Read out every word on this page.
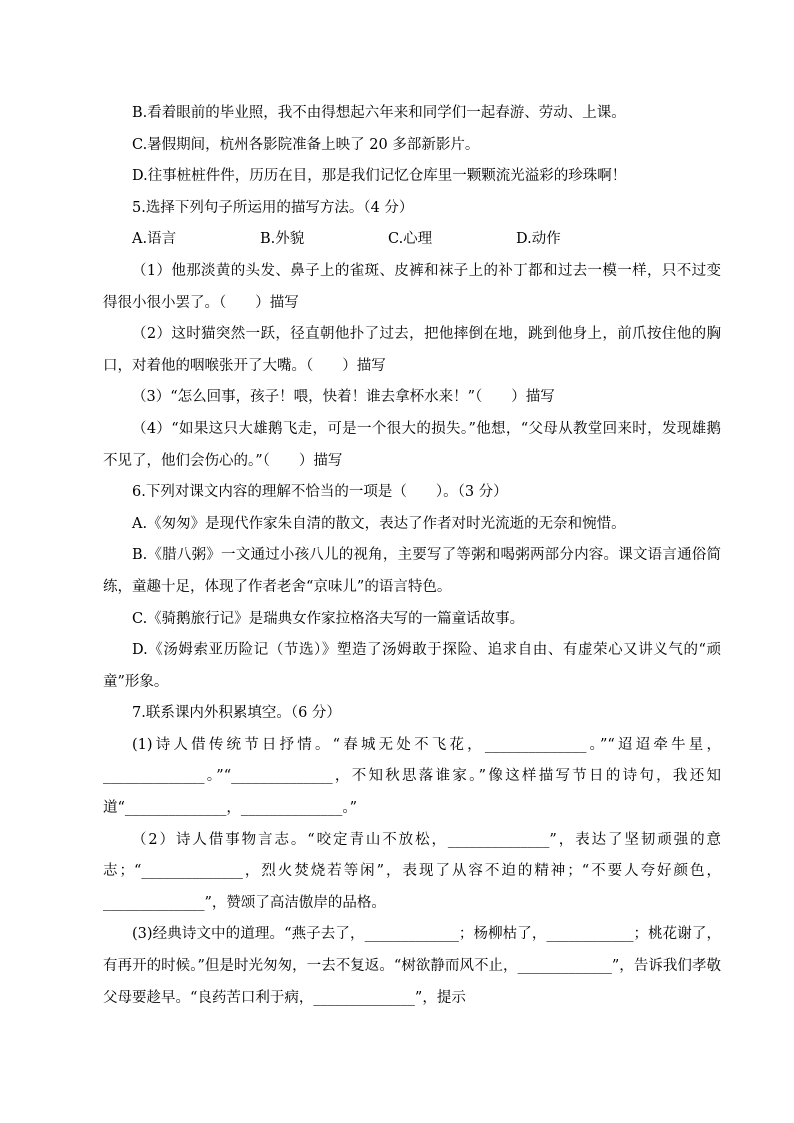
B.看着眼前的毕业照，我不由得想起六年来和同学们一起春游、劳动、上课。

C.暑假期间，杭州各影院准备上映了 20 多部新影片。

D.往事桩桩件件，历历在目，那是我们记忆仓库里一颗颗流光溢彩的珍珠啊！

5.选择下列句子所运用的描写方法。（4 分）

A.语言	B.外貌	C.心理	D.动作

（1）他那淡黄的头发、鼻子上的雀斑、皮裤和袜子上的补丁都和过去一模一样，只不过变得很小很小罢了。（　　）描写

（2）这时猫突然一跃，径直朝他扑了过去，把他摔倒在地，跳到他身上，前爪按住他的胸口，对着他的咽喉张开了大嘴。（　　）描写

（3）“怎么回事，孩子！喂，快着！谁去拿杯水来！”（　　）描写

（4）“如果这只大雄鹅飞走，可是一个很大的损失。”他想，“父母从教堂回来时，发现雄鹅不见了，他们会伤心的。”（　　）描写

6.下列对课文内容的理解不恰当的一项是（　　）。（3 分）

A.《匆匆》是现代作家朱自清的散文，表达了作者对时光流逝的无奈和惋惜。

B.《腊八粥》一文通过小孩八儿的视角，主要写了等粥和喝粥两部分内容。课文语言通俗简练，童趣十足，体现了作者老舍“京味儿”的语言特色。

C.《骑鹅旅行记》是瑞典女作家拉格洛夫写的一篇童话故事。

D.《汤姆索亚历险记（节选）》塑造了汤姆敢于探险、追求自由、有虚荣心又讲义气的“顽童”形象。

7.联系课内外积累填空。（6 分）

(1)诗人借传统节日抒情。“春城无处不飞花，______________。”“迢迢牵牛星，______________。”“______________，不知秋思落谁家。”像这样描写节日的诗句，我还知道“______________，______________。”

（2）诗人借事物言志。“咬定青山不放松，______________”，表达了坚韧顽强的意志；“______________，烈火焚烧若等闲”，表现了从容不迫的精神；“不要人夸好颜色，______________”，赞颂了高洁傲岸的品格。

(3)经典诗文中的道理。“燕子去了，_____________；杨柳枯了，____________；桃花谢了，有再开的时候。”但是时光匆匆，一去不复返。“树欲静而风不止，_____________”，告诉我们孝敬父母要趁早。“良药苦口利于病，______________”，提示
